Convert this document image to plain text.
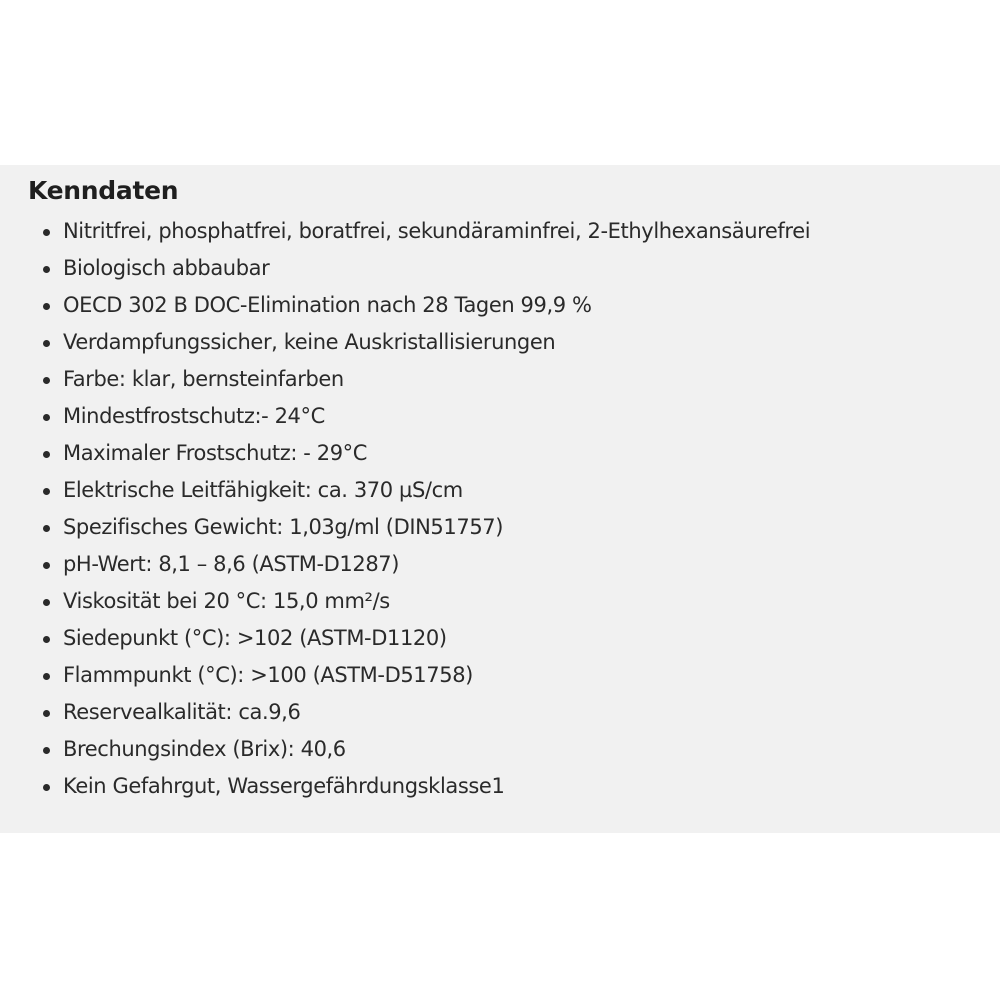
Kenndaten
Nitritfrei, phosphatfrei, boratfrei, sekundäraminfrei, 2-Ethylhexansäurefrei
Biologisch abbaubar
OECD 302 B DOC-Elimination nach 28 Tagen 99,9 %
Verdampfungssicher, keine Auskristallisierungen
Farbe: klar, bernsteinfarben
Mindestfrostschutz:- 24°C
Maximaler Frostschutz: - 29°C
Elektrische Leitfähigkeit: ca. 370 µS/cm
Spezifisches Gewicht: 1,03g/ml (DIN51757)
pH-Wert: 8,1 – 8,6 (ASTM-D1287)
Viskosität bei 20 °C: 15,0 mm²/s
Siedepunkt (°C): >102 (ASTM-D1120)
Flammpunkt (°C): >100 (ASTM-D51758)
Reservealkalität: ca.9,6
Brechungsindex (Brix): 40,6
Kein Gefahrgut, Wassergefährdungsklasse1
